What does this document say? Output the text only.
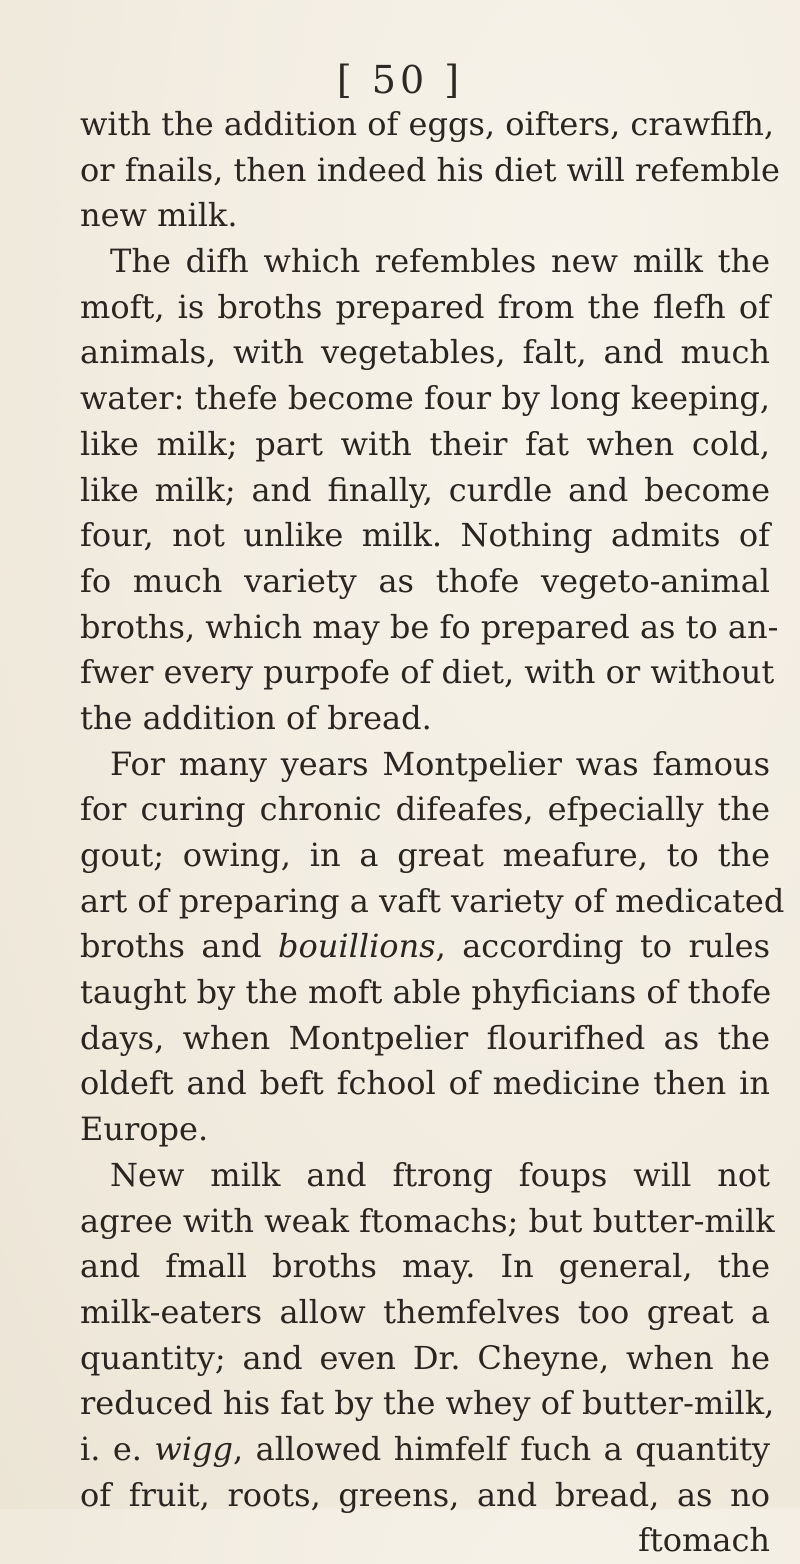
[ 50 ]
with the addition of eggs, oifters, crawfifh,
or fnails, then indeed his diet will refemble
new milk.
The difh which refembles new milk the
moft, is broths prepared from the flefh of
animals, with vegetables, falt, and much
water: thefe become four by long keeping,
like milk; part with their fat when cold,
like milk; and finally, curdle and become
four, not unlike milk. Nothing admits of
fo much variety as thofe vegeto-animal
broths, which may be fo prepared as to an-
fwer every purpofe of diet, with or without
the addition of bread.
For many years Montpelier was famous
for curing chronic difeafes, efpecially the
gout; owing, in a great meafure, to the
art of preparing a vaft variety of medicated
broths and bouillions, according to rules
taught by the moft able phyficians of thofe
days, when Montpelier flourifhed as the
oldeft and beft fchool of medicine then in
Europe.
New milk and ftrong foups will not
agree with weak ftomachs; but butter-milk
and fmall broths may. In general, the
milk-eaters allow themfelves too great a
quantity; and even Dr. Cheyne, when he
reduced his fat by the whey of butter-milk,
i. e. wigg, allowed himfelf fuch a quantity
of fruit, roots, greens, and bread, as no
ftomach
